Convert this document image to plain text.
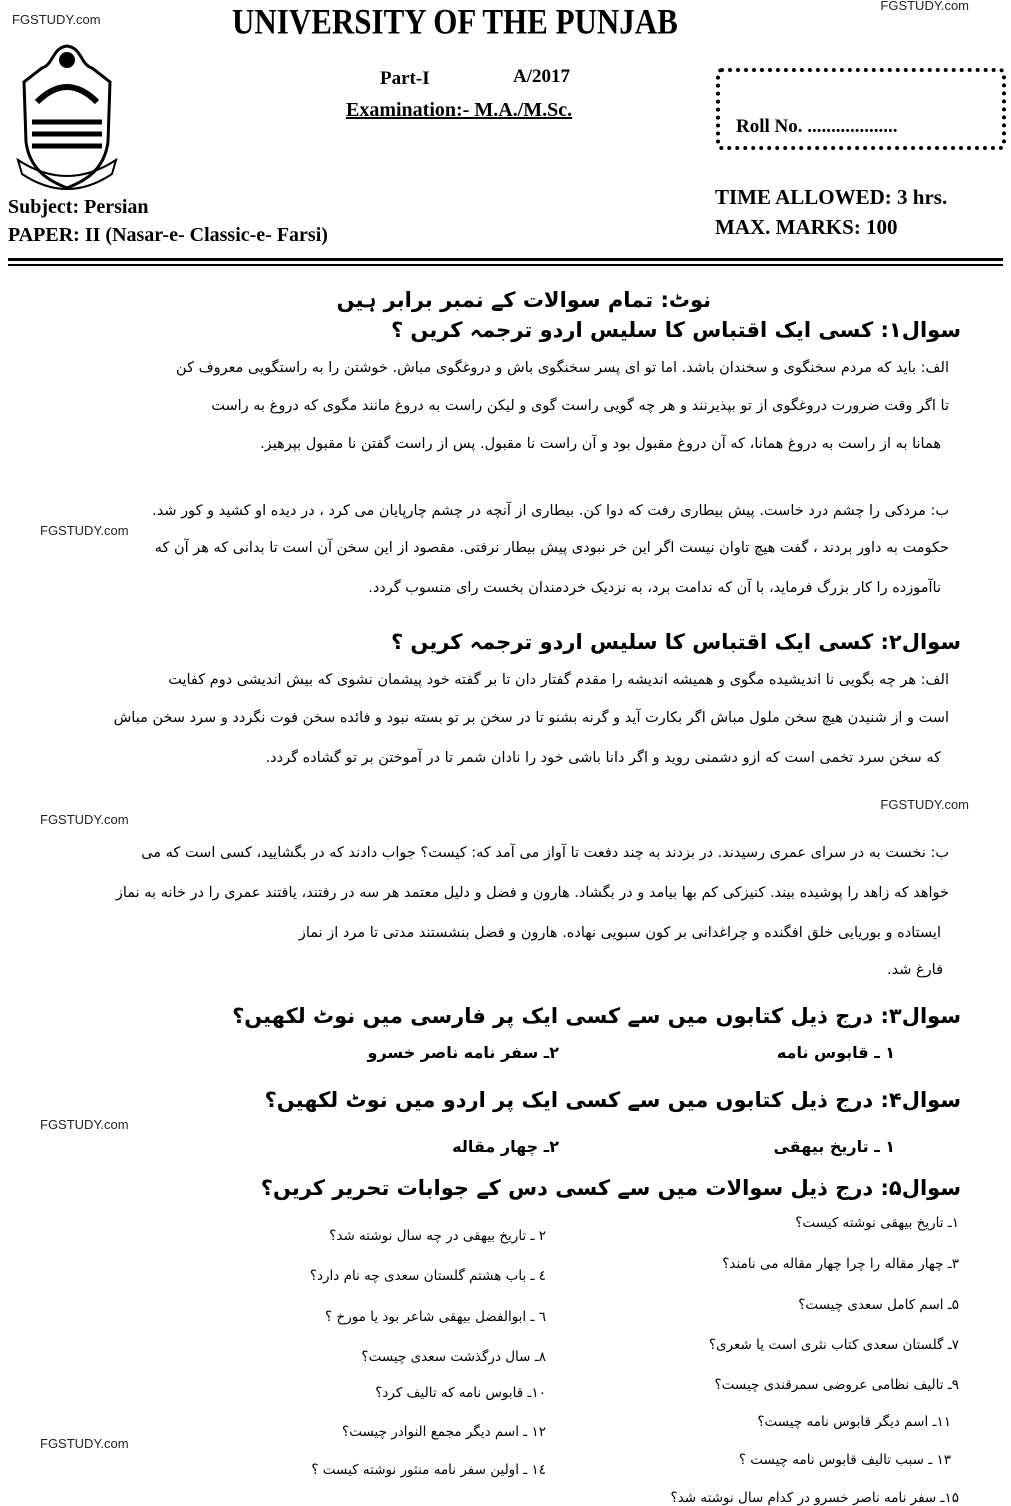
FGSTUDY.com
FGSTUDY.com
UNIVERSITY OF THE PUNJAB
Part-I	A/2017
Examination:- M.A./M.Sc.
Roll No. ...................
Subject: Persian
PAPER: II (Nasar-e- Classic-e- Farsi)
TIME ALLOWED: 3 hrs.
MAX. MARKS: 100
نوٹ: تمام سوالات کے نمبر برابر ہیں
سوال۱: کسی ایک اقتباس کا سلیس اردو ترجمہ کریں ؟
الف: باید که مردم سخنگوی و سخندان باشد. اما تو ای پسر سخنگوی باش و دروغگوی مباش. خوشتن را به راستگویی معروف کن
تا اگر وقت ضرورت دروغگوی از تو بپذیرنند و هر چه گویی راست گوی و لیکن راست به دروغ مانند مگوی که دروغ به راست
همانا به از راست به دروغ همانا، که آن دروغ مقبول بود و آن راست نا مقبول. پس از راست گفتن نا مقبول بپرهیز.
ب: مردکی را چشم درد خاست. پیش بیطاری رفت که دوا کن. بیطاری از آنچه در چشم چارپایان می کرد ، در دیده او کشید و کور شد.
حکومت به داور بردند ، گفت هیچ تاوان نیست اگر این خر نبودی پیش بیطار نرفتی. مقصود از این سخن آن است تا بدانی که هر آن که
ناآموزده را کار بزرگ فرماید، با آن که ندامت برد، به نزدیک خردمندان بخست رای منسوب گردد.
FGSTUDY.com
سوال۲: کسی ایک اقتباس کا سلیس اردو ترجمہ کریں ؟
الف: هر چه بگویی نا اندیشیده مگوی و همیشه اندیشه را مقدم گفتار دان تا بر گفته خود پیشمان نشوی که بیش اندیشی دوم کفایت
است و از شنیدن هیچ سخن ملول مباش اگر بکارت آید و گرنه بشنو تا در سخن بر تو بسته نبود و فائده سخن فوت نگردد و سرد سخن مباش
که سخن سرد تخمی است که ازو دشمنی روید و اگر دانا باشی خود را نادان شمر تا در آموختن بر تو گشاده گردد.
FGSTUDY.com
FGSTUDY.com
ب: نخست به در سرای عمری رسیدند. در بزدند به چند دفعت تا آواز می آمد که: کیست؟ جواب دادند که در بگشایید، کسی است که می
خواهد که زاهد را پوشیده بیند. کنیزکی کم بها بیامد و در بگشاد. هارون و فضل و دلیل معتمد هر سه در رفتند، یافتند عمری را در خانه به نماز
ایستاده و بوریایی خلق افگنده و چراغدانی بر کون سبویی نهاده. هارون و فضل بنشستند مدتی تا مرد از نماز
فارغ شد.
سوال۳: درج ذیل کتابوں میں سے کسی ایک پر فارسی میں نوٹ لکھیں؟
۱ ـ قابوس نامه
۲ـ سفر نامه ناصر خسرو
سوال۴: درج ذیل کتابوں میں سے کسی ایک پر اردو میں نوٹ لکھیں؟
FGSTUDY.com
۱ ـ تاریخ بیهقی
۲ـ چهار مقاله
سوال۵: درج ذیل سوالات میں سے کسی دس کے جوابات تحریر کریں؟
۱ـ تاریخ بیهقی نوشته کیست؟
۲ ـ تاریخ بیهقی در چه سال نوشته شد؟
۳ـ چهار مقاله را چرا چهار مقاله می نامند؟
٤ ـ باب هشتم گلستان سعدی چه نام دارد؟
۵ـ اسم کامل سعدی چیست؟
٦ ـ ابوالفضل بیهقی شاعر بود یا مورخ ؟
۷ـ گلستان سعدی کتاب نثری است یا شعری؟
۸ـ سال درگذشت سعدی چیست؟
۹ـ تالیف نظامی عروضی سمرقندی چیست؟
۱۰ـ قابوس نامه که تالیف کرد؟
۱۱ـ اسم دیگر قابوس نامه چیست؟
۱۲ ـ اسم دیگر مجمع النوادر چیست؟
FGSTUDY.com
۱۳ ـ سبب تالیف قابوس نامه چیست ؟
۱٤ ـ اولین سفر نامه منثور نوشته کیست ؟
۱۵ـ سفر نامه ناصر خسرو در کدام سال نوشته شد؟
